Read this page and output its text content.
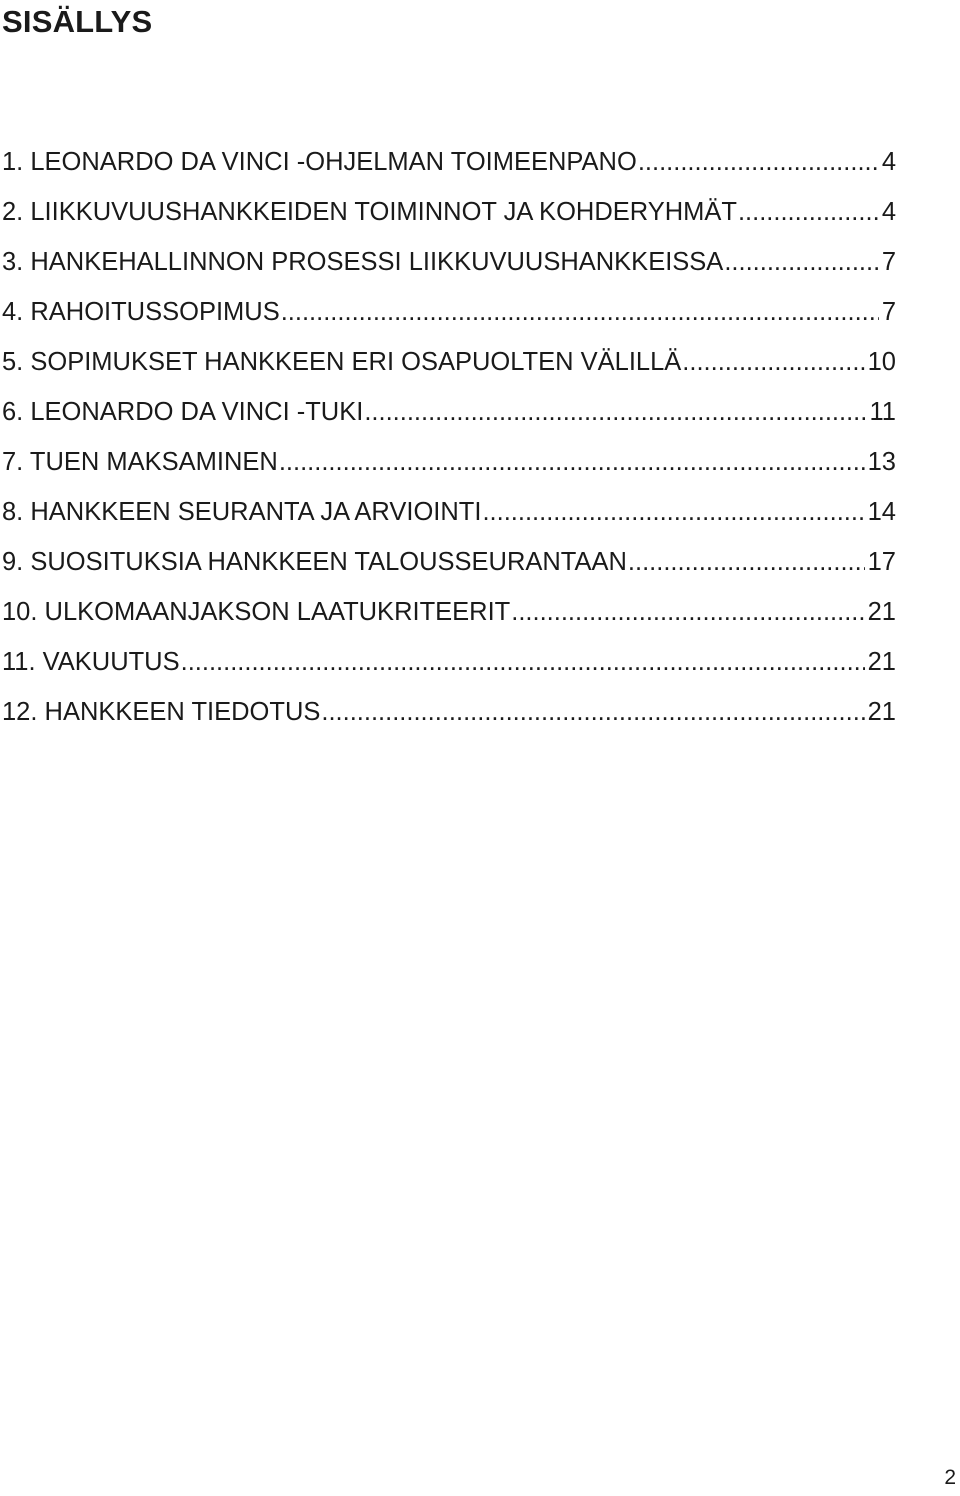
SISÄLLYS
1. LEONARDO DA VINCI -OHJELMAN TOIMEENPANO .....	4
2. LIIKKUVUUSHANKKEIDEN TOIMINNOT JA KOHDERYHMÄT .....	4
3. HANKEHALLINNON PROSESSI LIIKKUVUUSHANKKEISSA .....	7
4. RAHOITUSSOPIMUS .....	7
5. SOPIMUKSET HANKKEEN ERI OSAPUOLTEN VÄLILLÄ .....	10
6. LEONARDO DA VINCI -TUKI .....	11
7. TUEN MAKSAMINEN .....	13
8. HANKKEEN SEURANTA JA ARVIOINTI .....	14
9. SUOSITUKSIA HANKKEEN TALOUSSEURANTAAN .....	17
10. ULKOMAANJAKSON LAATUKRITEERIT .....	21
11. VAKUUTUS .....	21
12. HANKKEEN TIEDOTUS .....	21
2
